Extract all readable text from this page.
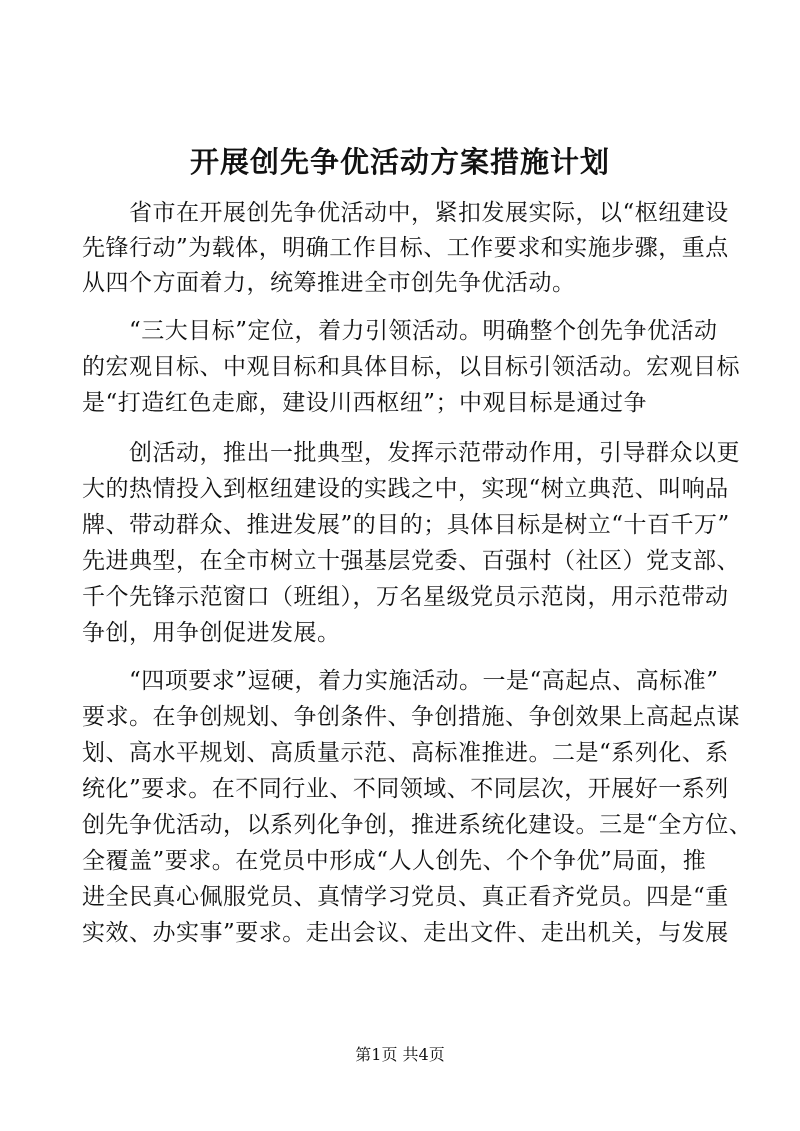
开展创先争优活动方案措施计划
　　省市在开展创先争优活动中，紧扣发展实际，以“枢纽建设
先锋行动”为载体，明确工作目标、工作要求和实施步骤，重点
从四个方面着力，统筹推进全市创先争优活动。
　　“三大目标”定位，着力引领活动。明确整个创先争优活动
的宏观目标、中观目标和具体目标，以目标引领活动。宏观目标
是“打造红色走廊，建设川西枢纽”；中观目标是通过争
　　创活动，推出一批典型，发挥示范带动作用，引导群众以更
大的热情投入到枢纽建设的实践之中，实现“树立典范、叫响品
牌、带动群众、推进发展”的目的；具体目标是树立“十百千万”
先进典型，在全市树立十强基层党委、百强村（社区）党支部、
千个先锋示范窗口（班组），万名星级党员示范岗，用示范带动
争创，用争创促进发展。
　　“四项要求”逗硬，着力实施活动。一是“高起点、高标准”
要求。在争创规划、争创条件、争创措施、争创效果上高起点谋
划、高水平规划、高质量示范、高标准推进。二是“系列化、系
统化”要求。在不同行业、不同领域、不同层次，开展好一系列
创先争优活动，以系列化争创，推进系统化建设。三是“全方位、
全覆盖”要求。在党员中形成“人人创先、个个争优”局面，推
进全民真心佩服党员、真情学习党员、真正看齐党员。四是“重
实效、办实事”要求。走出会议、走出文件、走出机关，与发展
第1页 共4页
